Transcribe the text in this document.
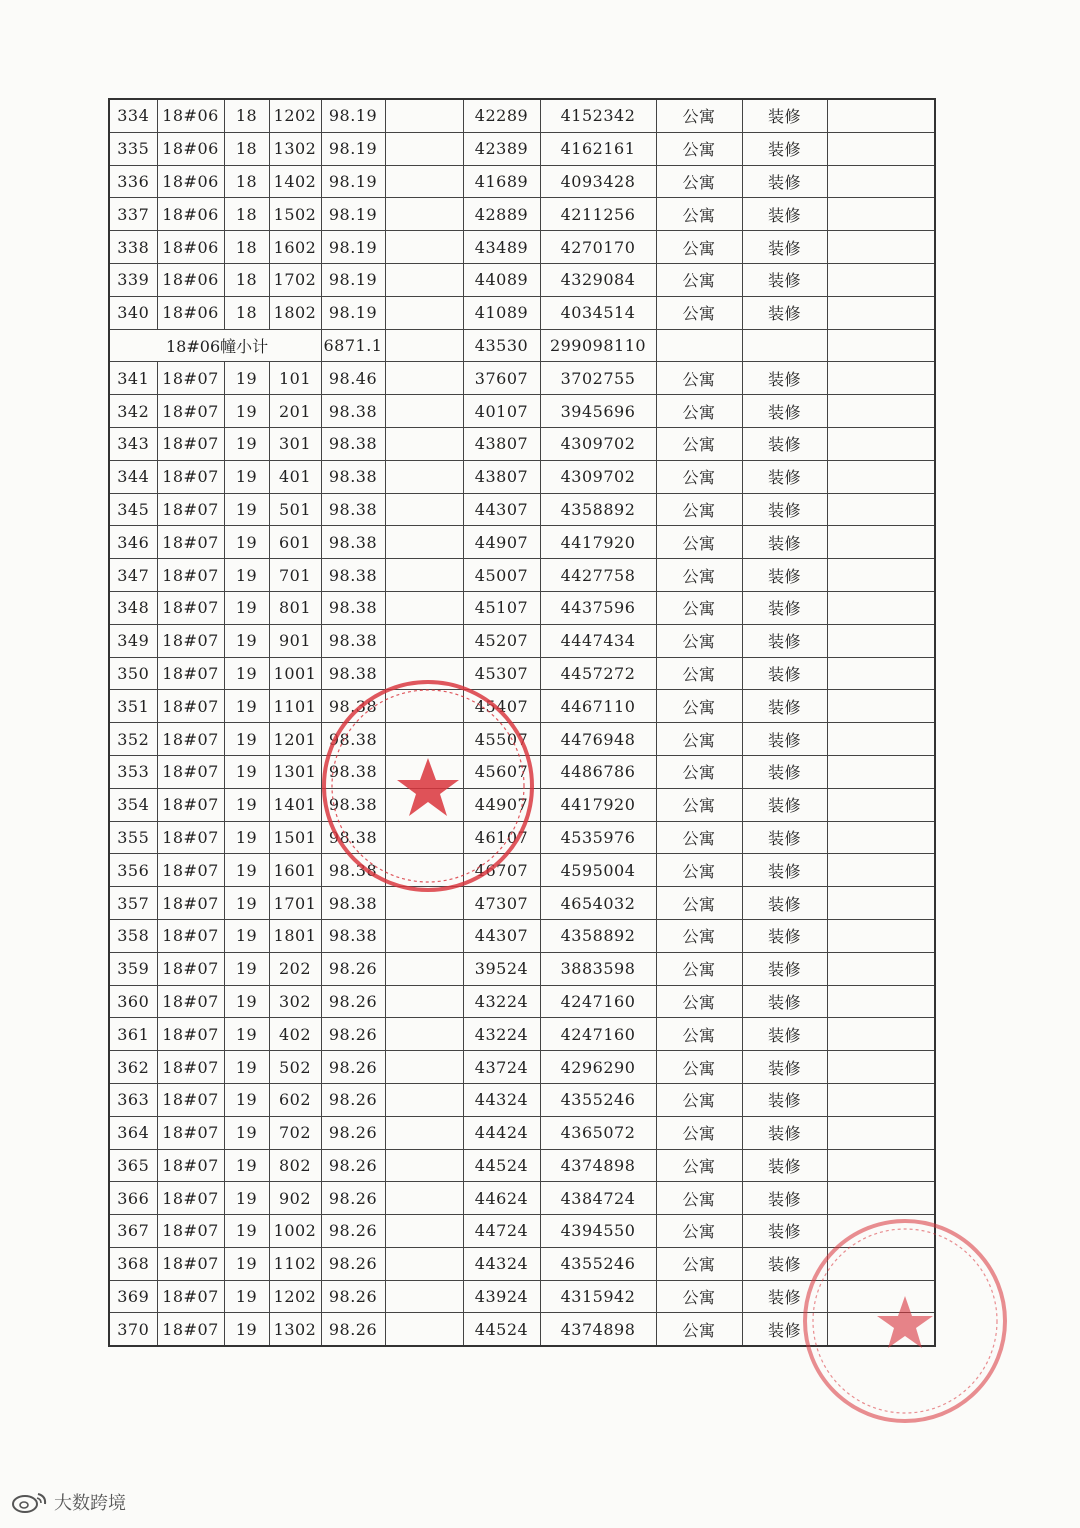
334	18#06	18	1202	98.19		42289	4152342	公寓	装修	
335	18#06	18	1302	98.19		42389	4162161	公寓	装修	
336	18#06	18	1402	98.19		41689	4093428	公寓	装修	
337	18#06	18	1502	98.19		42889	4211256	公寓	装修	
338	18#06	18	1602	98.19		43489	4270170	公寓	装修	
339	18#06	18	1702	98.19		44089	4329084	公寓	装修	
340	18#06	18	1802	98.19		41089	4034514	公寓	装修	
18#06幢小计				6871.1		43530	299098110			
341	18#07	19	101	98.46		37607	3702755	公寓	装修	
342	18#07	19	201	98.38		40107	3945696	公寓	装修	
343	18#07	19	301	98.38		43807	4309702	公寓	装修	
344	18#07	19	401	98.38		43807	4309702	公寓	装修	
345	18#07	19	501	98.38		44307	4358892	公寓	装修	
346	18#07	19	601	98.38		44907	4417920	公寓	装修	
347	18#07	19	701	98.38		45007	4427758	公寓	装修	
348	18#07	19	801	98.38		45107	4437596	公寓	装修	
349	18#07	19	901	98.38		45207	4447434	公寓	装修	
350	18#07	19	1001	98.38		45307	4457272	公寓	装修	
351	18#07	19	1101	98.38		45407	4467110	公寓	装修	
352	18#07	19	1201	98.38		45507	4476948	公寓	装修	
353	18#07	19	1301	98.38		45607	4486786	公寓	装修	
354	18#07	19	1401	98.38		44907	4417920	公寓	装修	
355	18#07	19	1501	98.38		46107	4535976	公寓	装修	
356	18#07	19	1601	98.38		46707	4595004	公寓	装修	
357	18#07	19	1701	98.38		47307	4654032	公寓	装修	
358	18#07	19	1801	98.38		44307	4358892	公寓	装修	
359	18#07	19	202	98.26		39524	3883598	公寓	装修	
360	18#07	19	302	98.26		43224	4247160	公寓	装修	
361	18#07	19	402	98.26		43224	4247160	公寓	装修	
362	18#07	19	502	98.26		43724	4296290	公寓	装修	
363	18#07	19	602	98.26		44324	4355246	公寓	装修	
364	18#07	19	702	98.26		44424	4365072	公寓	装修	
365	18#07	19	802	98.26		44524	4374898	公寓	装修	
366	18#07	19	902	98.26		44624	4384724	公寓	装修	
367	18#07	19	1002	98.26		44724	4394550	公寓	装修	
368	18#07	19	1102	98.26		44324	4355246	公寓	装修	
369	18#07	19	1202	98.26		43924	4315942	公寓	装修	
370	18#07	19	1302	98.26		44524	4374898	公寓	装修	
大数跨境
